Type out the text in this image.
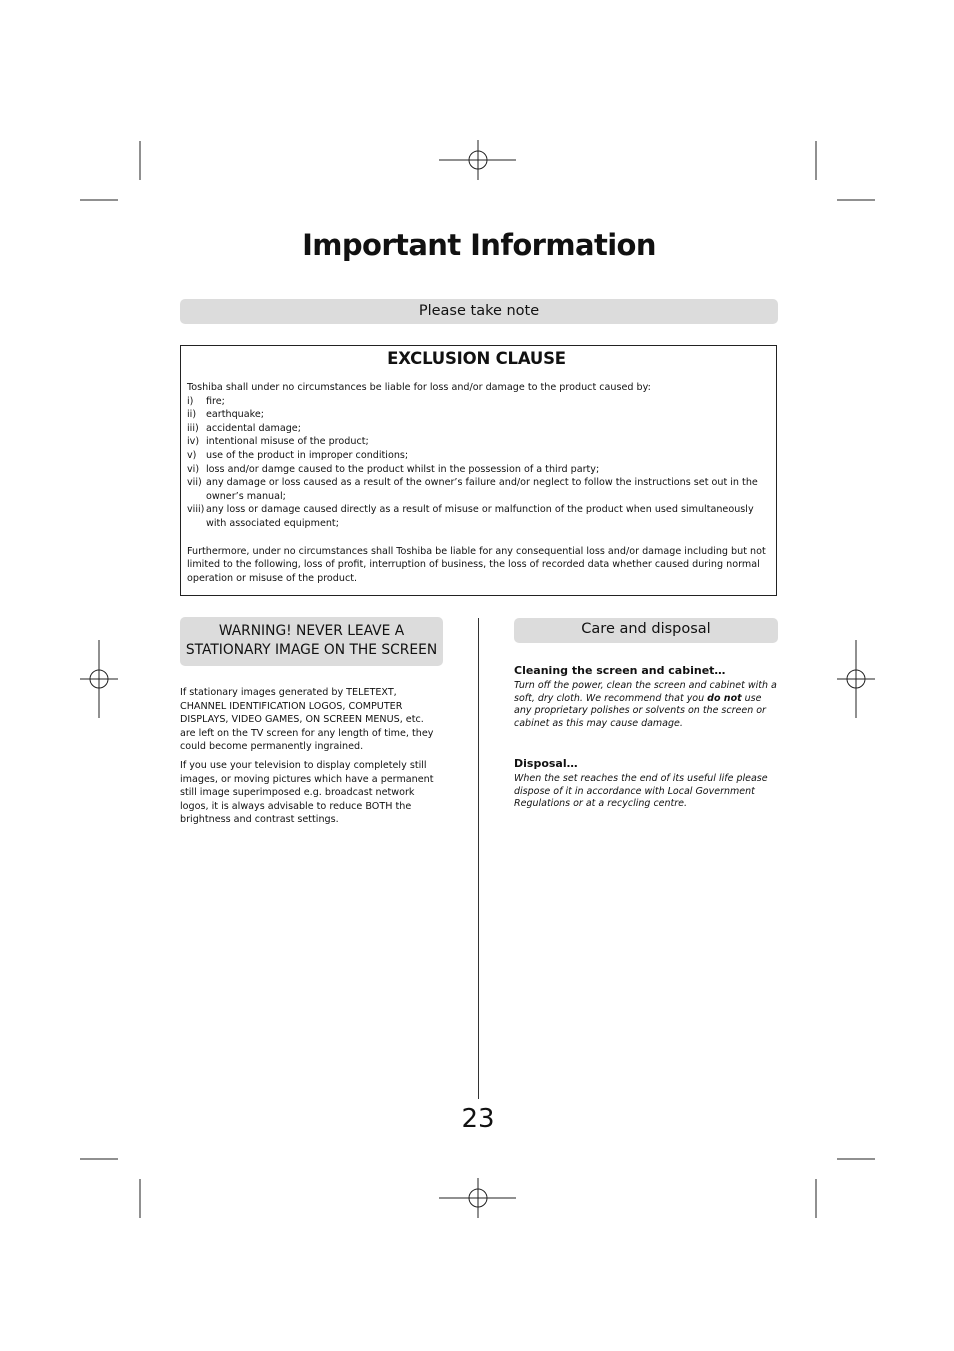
Important Information
Please take note
EXCLUSION CLAUSE
Toshiba shall under no circumstances be liable for loss and/or damage to the product caused by:
i)	fire;
ii)	earthquake;
iii) accidental damage;
iv) intentional misuse of the product;
v) use of the product in improper conditions;
vi) loss and/or damge caused to the product whilst in the possession of a third party;
vii) any damage or loss caused as a result of the owner’s failure and/or neglect to follow the instructions set out in the owner’s manual;
viii) any loss or damage caused directly as a result of misuse or malfunction of the product when used simultaneously with associated equipment;
Furthermore, under no circumstances shall Toshiba be liable for any consequential loss and/or damage including but not limited to the following, loss of profit, interruption of business, the loss of recorded data whether caused during normal operation or misuse of the product.
WARNING! NEVER LEAVE A
STATIONARY IMAGE ON THE SCREEN

If stationary images generated by TELETEXT, CHANNEL IDENTIFICATION LOGOS, COMPUTER DISPLAYS, VIDEO GAMES, ON SCREEN MENUS, etc. are left on the TV screen for any length of time, they could become permanently ingrained.

If you use your television to display completely still images, or moving pictures which have a permanent still image superimposed e.g. broadcast network logos, it is always advisable to reduce BOTH the brightness and contrast settings.

Care and disposal
Cleaning the screen and cabinet…

Turn off the power, clean the screen and cabinet with a soft, dry cloth. We recommend that you do not use any proprietary polishes or solvents on the screen or cabinet as this may cause damage.

Disposal…

When the set reaches the end of its useful life please dispose of it in accordance with Local Government Regulations or at a recycling centre.

23
